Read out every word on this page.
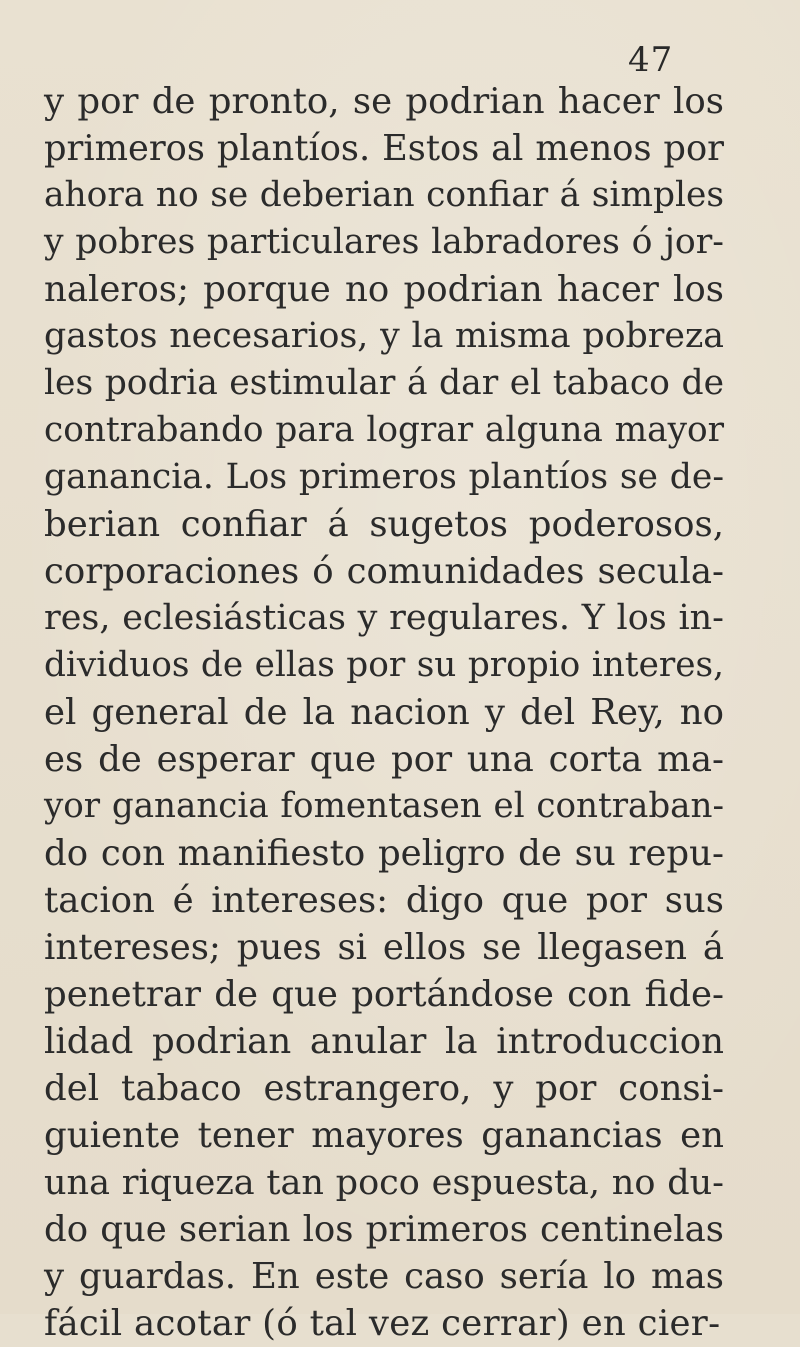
47
y por de pronto, se podrian hacer los
primeros plantíos. Estos al menos por
ahora no se deberian confiar á simples
y pobres particulares labradores ó jor-
naleros; porque no podrian hacer los
gastos necesarios, y la misma pobreza
les podria estimular á dar el tabaco de
contrabando para lograr alguna mayor
ganancia. Los primeros plantíos se de-
berian confiar á sugetos poderosos,
corporaciones ó comunidades secula-
res, eclesiásticas y regulares. Y los in-
dividuos de ellas por su propio interes,
el general de la nacion y del Rey, no
es de esperar que por una corta ma-
yor ganancia fomentasen el contraban-
do con manifiesto peligro de su repu-
tacion é intereses: digo que por sus
intereses; pues si ellos se llegasen á
penetrar de que portándose con fide-
lidad podrian anular la introduccion
del tabaco estrangero, y por consi-
guiente tener mayores ganancias en
una riqueza tan poco espuesta, no du-
do que serian los primeros centinelas
y guardas. En este caso sería lo mas
fácil acotar (ó tal vez cerrar) en cier-
